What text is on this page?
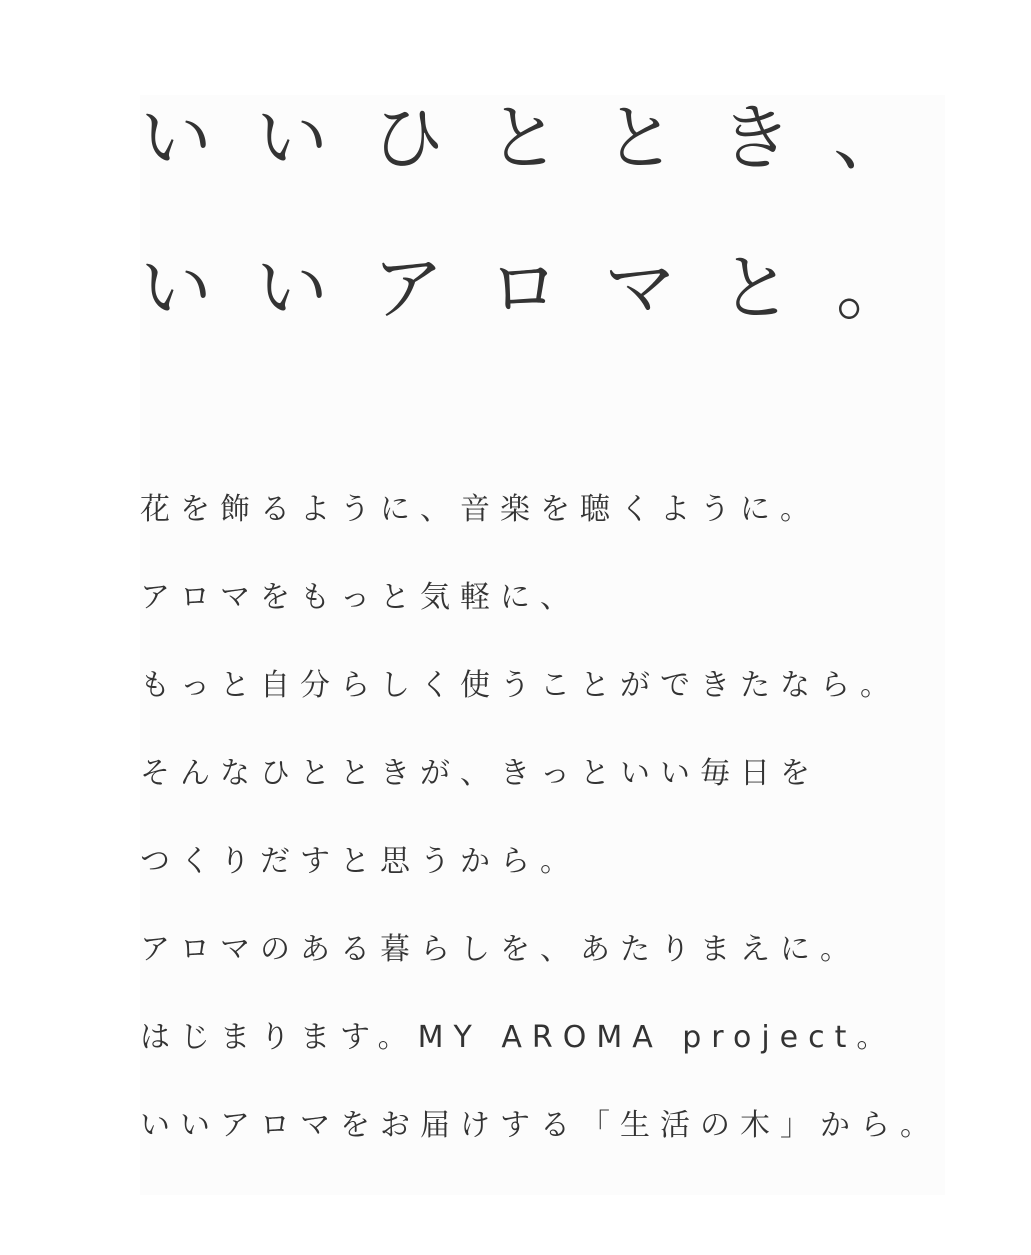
いいひととき、
いいアロマと。
花を飾るように、音楽を聴くように。
アロマをもっと気軽に、
もっと自分らしく使うことができたなら。
そんなひとときが、きっといい毎日を
つくりだすと思うから。
アロマのある暮らしを、あたりまえに。
はじまります。MY AROMA project。
いいアロマをお届けする「生活の木」から。
